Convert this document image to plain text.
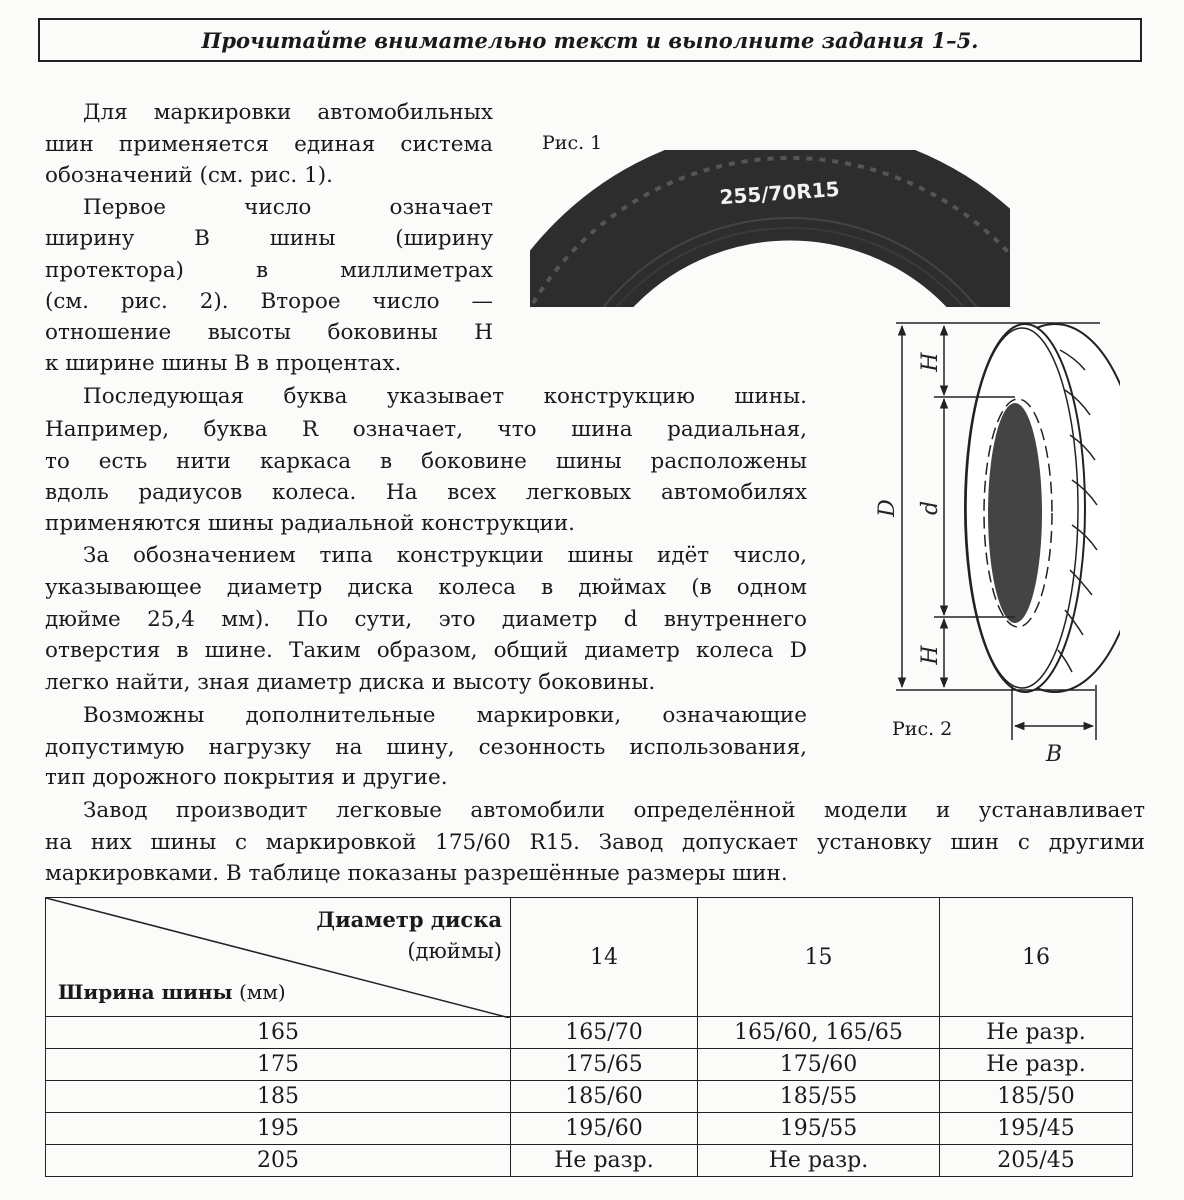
Прочитайте внимательно текст и выполните задания 1–5.
Для маркировки автомобильных
шин применяется единая система
обозначений (см. рис. 1).
Первое число означает
ширину B шины (ширину
протектора) в миллиметрах
(см. рис. 2). Второе число —
отношение высоты боковины H
к ширине шины B в процентах.
Последующая буква указывает конструкцию шины.
Например, буква R означает, что шина радиальная,
то есть нити каркаса в боковине шины расположены
вдоль радиусов колеса. На всех легковых автомобилях
применяются шины радиальной конструкции.
За обозначением типа конструкции шины идёт число,
указывающее диаметр диска колеса в дюймах (в одном
дюйме 25,4 мм). По сути, это диаметр d внутреннего
отверстия в шине. Таким образом, общий диаметр колеса D
легко найти, зная диаметр диска и высоту боковины.
Возможны дополнительные маркировки, означающие
допустимую нагрузку на шину, сезонность использования,
тип дорожного покрытия и другие.
Завод производит легковые автомобили определённой модели и устанавливает
на них шины с маркировкой 175/60 R15. Завод допускает установку шин с другими
маркировками. В таблице показаны разрешённые размеры шин.
Рис. 1
255/70R15
H
H
D d
B
Рис. 2
Диаметр диска
(дюймы)
Ширина шины (мм)	14	15	16
165	165/70	165/60, 165/65	Не разр.
175	175/65	175/60	Не разр.
185	185/60	185/55	185/50
195	195/60	195/55	195/45
205	Не разр.	Не разр.	205/45
